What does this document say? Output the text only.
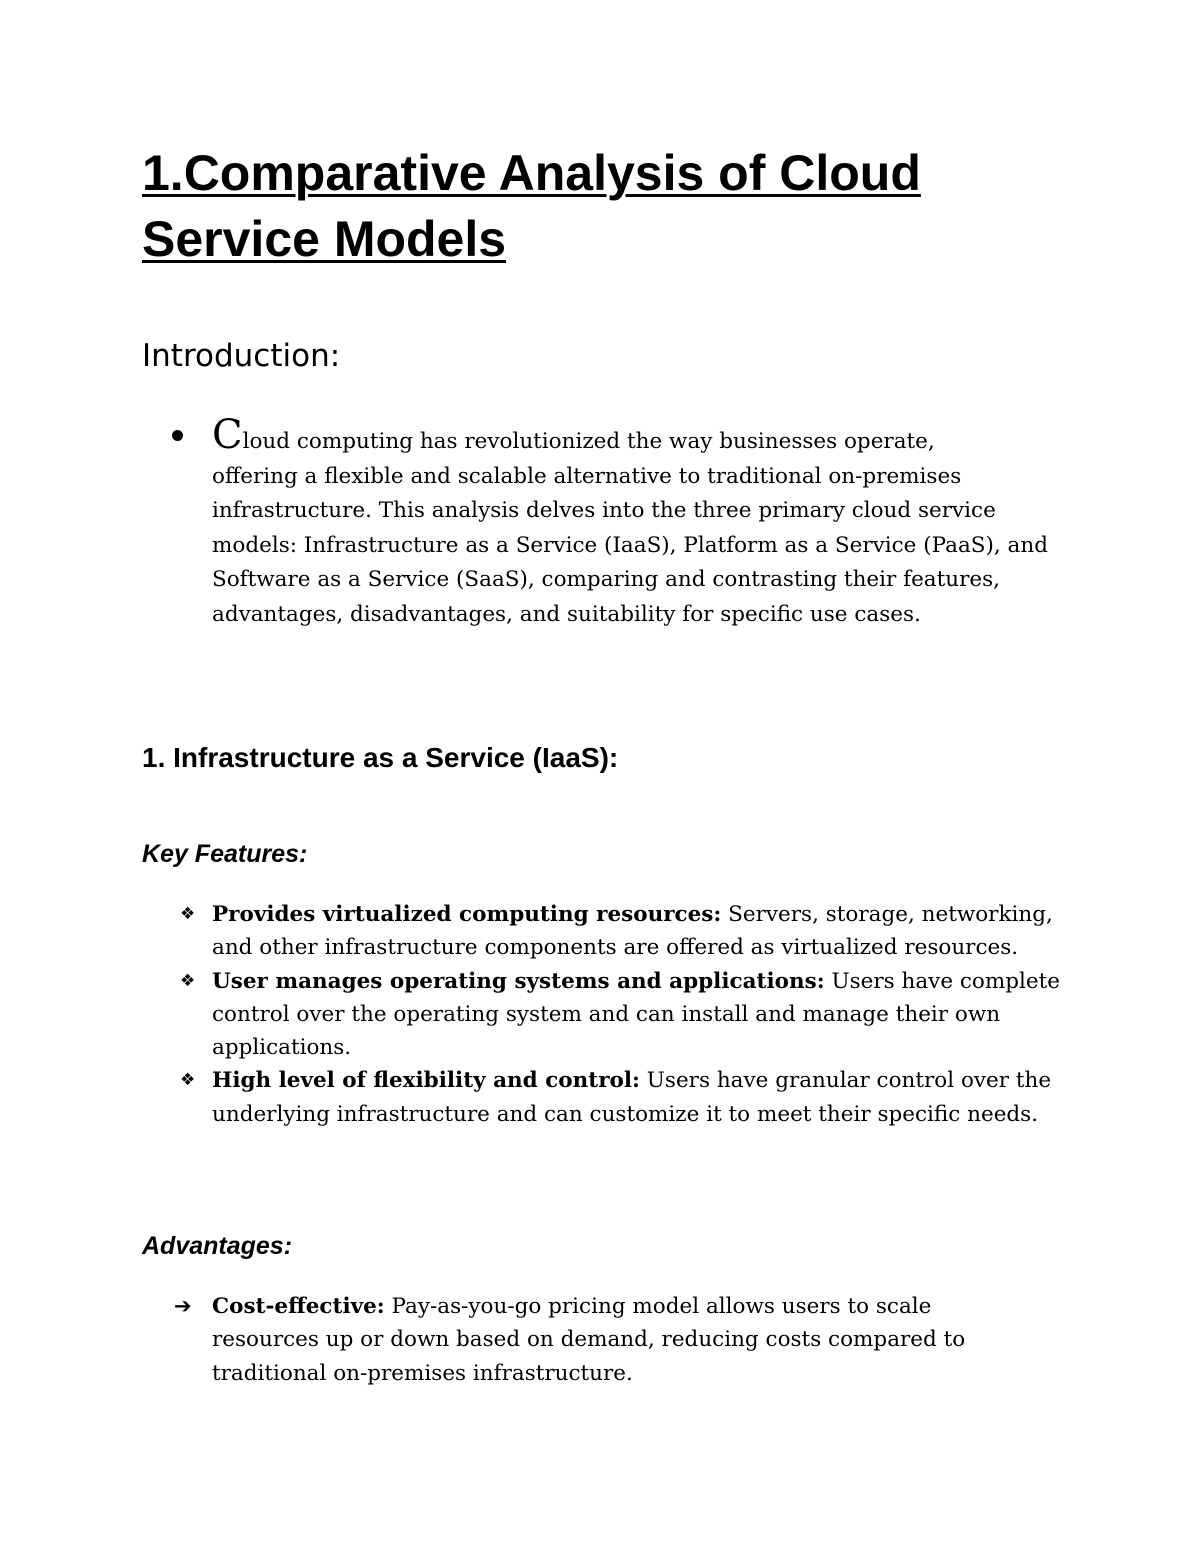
1.Comparative Analysis of Cloud Service Models
Introduction:

Cloud computing has revolutionized the way businesses operate,
offering a flexible and scalable alternative to traditional on-premises infrastructure. This analysis delves into the three primary cloud service models: Infrastructure as a Service (IaaS), Platform as a Service (PaaS), and Software as a Service (SaaS), comparing and contrasting their features, advantages, disadvantages, and suitability for specific use cases.

1. Infrastructure as a Service (IaaS):
Key Features:
❖ Provides virtualized computing resources: Servers, storage, networking, and other infrastructure components are offered as virtualized resources.
❖ User manages operating systems and applications: Users have complete control over the operating system and can install and manage their own applications.
❖ High level of flexibility and control: Users have granular control over the underlying infrastructure and can customize it to meet their specific needs.
Advantages:
➔ Cost-effective: Pay-as-you-go pricing model allows users to scale resources up or down based on demand, reducing costs compared to traditional on-premises infrastructure.
